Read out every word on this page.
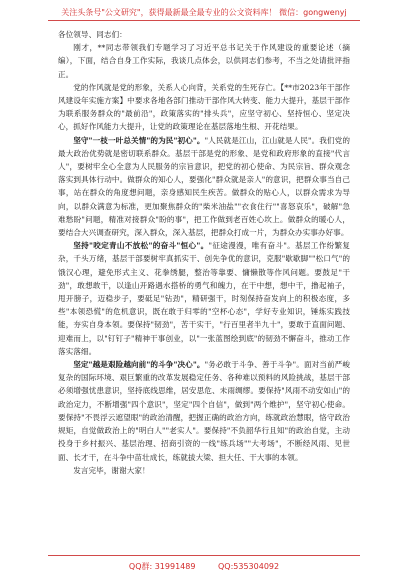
关注头条号"公文研究"，获得最新最全最专业的公文资料库！ 微信：gongwenyj

各位领导、同志们：

刚才，**同志带领我们专题学习了习近平总书记关于作风建设的重要论述（摘编），下面，结合自身工作实际，我谈几点体会，以供同志们参考，不当之处请批评指正。

党的作风就是党的形象，关系人心向背，关系党的生死存亡。【**市2023年干部作风建设年实施方案】中要求各地各部门推动干部作风大转变、能力大提升，基层干部作为联系服务群众的"最前沿"，政策落实的"排头兵"，应坚守初心、坚持恒心、坚定决心，抓好作风能力大提升，让党的政策理论在基层落地生根、开花结果。

坚守"一枝一叶总关情"的为民"初心"。"人民就是江山，江山就是人民"。我们党的最大政治优势就是密切联系群众。基层干部是党的形象、是党和政府形象的直接"代言人"，要树牢全心全意为人民服务的宗旨意识，把党的初心使命、为民宗旨、群众观念落实到具体行动中。做群众的知心人，要强化"群众就是亲人"的意识，把群众事当自己事，站在群众的角度想问题，亲身感知民生疾苦。做群众的贴心人，以群众需求为导向，以群众满意为标准，更加聚焦群众的"柴米油盐""衣食住行""喜怒哀乐"，破解"急难愁盼"问题，精准对接群众"盼的事"，把工作做到老百姓心坎上。做群众的暖心人，要结合大兴调查研究，深入群众，深入基层，把群众打成一片，为群众办实事办好事。

坚持"咬定青山不放松"的奋斗"恒心"。"征途漫漫，唯有奋斗"。基层工作纷繁复杂，千头万绪，基层干部要树牢真抓实干、创先争优的意识，克服"歇歇脚""松口气"的饿汉心理，避免形式主义、花拳绣腿，整治等靠要、慵懒散等作风问题。要鼓足"干劲"，敢想敢干，以逢山开路遇水搭桥的勇气和魄力，在干中想，想中干，撸起袖子，甩开膀子，迈稳步子，要砥足"钻劲"，精研强干，时刻保持奋发向上的积极态度，多些"本领恐慌"的危机意识，既在敢于归零的"空杯心态"，学好专业知识，锤炼实践技能，夯实自身本领。要保持"韧劲"，苦干实干，"行百里者半九十"，要敢于直面问题、迎难而上，以"钉钉子"精神干事创业，以"一张蓝图绘到底"的韧劲不懈奋斗，推动工作落实落细。

坚定"越是艰险越向前"的斗争"决心"。"务必敢于斗争、善于斗争"。面对当前严峻复杂的国际环境、艰巨繁重的改革发展稳定任务、各种难以预料的风险挑战，基层干部必须增强忧患意识，坚持底线思维，居安思危、未雨绸缪。要保持"风雨不动安如山"的政治定力，不断增强"四个意识"，坚定"四个自信"，做到"两个维护"，坚守初心使命。要保持"不畏浮云遮望眼"的政治清醒，把握正确的政治方向，练就政治慧眼，恪守政治规矩，自觉做政治上的"明白人""老实人"。要保持"不负韶华行且知"的政治自觉，主动投身于乡村振兴、基层治理、招商引资的一线"练兵场""大考场"，不断经风雨、见世面、长才干，在斗争中苗壮成长，练就拔大梁、担大任、干大事的本领。

发言完毕，谢谢大家！

QQ群: 31991489	QQ:535304092
